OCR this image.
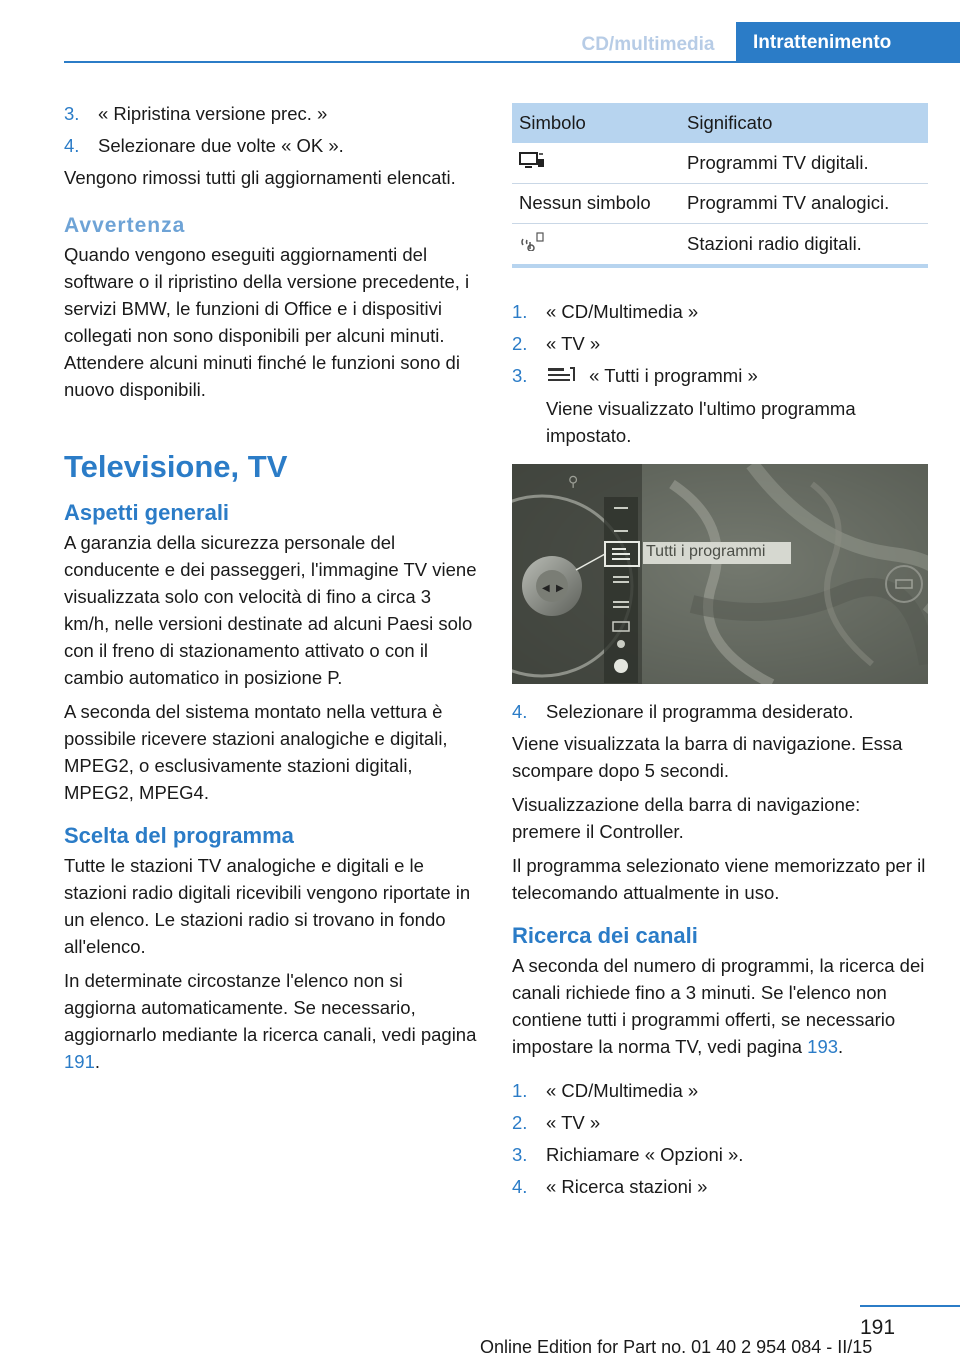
CD/multimedia	Intrattenimento
3. « Ripristina versione prec. »
4. Selezionare due volte « OK ».

Vengono rimossi tutti gli aggiornamenti elencati.

Avvertenza

Quando vengono eseguiti aggiornamenti del software o il ripristino della versione precedente, i servizi BMW, le funzioni di Office e i dispositivi collegati non sono disponibili per alcuni minuti. Attendere alcuni minuti finché le funzioni sono di nuovo disponibili.

Televisione, TV
Aspetti generali

A garanzia della sicurezza personale del conducente e dei passeggeri, l'immagine TV viene visualizzata solo con velocità di fino a circa 3 km/h, nelle versioni destinate ad alcuni Paesi solo con il freno di stazionamento attivato o con il cambio automatico in posizione P.

A seconda del sistema montato nella vettura è possibile ricevere stazioni analogiche e digitali, MPEG2, o esclusivamente stazioni digitali, MPEG2, MPEG4.

Scelta del programma

Tutte le stazioni TV analogiche e digitali e le stazioni radio digitali ricevibili vengono riportate in un elenco. Le stazioni radio si trovano in fondo all'elenco.

In determinate circostanze l'elenco non si aggiorna automaticamente. Se necessario, aggiornarlo mediante la ricerca canali, vedi pagina 191.

Simbolo	Significato
	Programmi TV digitali.
Nessun simbolo	Programmi TV analogici.
	Stazioni radio digitali.
1. « CD/Multimedia »
2. « TV »
3.	« Tutti i programmi »
Viene visualizzato l'ultimo programma impostato.
◀ ▶
⚲
Tutti i programmi
4. Selezionare il programma desiderato.

Viene visualizzata la barra di navigazione. Essa scompare dopo 5 secondi.

Visualizzazione della barra di navigazione: premere il Controller.

Il programma selezionato viene memorizzato per il telecomando attualmente in uso.

Ricerca dei canali

A seconda del numero di programmi, la ricerca dei canali richiede fino a 3 minuti. Se l'elenco non contiene tutti i programmi offerti, se necessario impostare la norma TV, vedi pagina 193.

1. « CD/Multimedia »
2. « TV »
3. Richiamare « Opzioni ».
4. « Ricerca stazioni »
191
Online Edition for Part no. 01 40 2 954 084 - II/15
